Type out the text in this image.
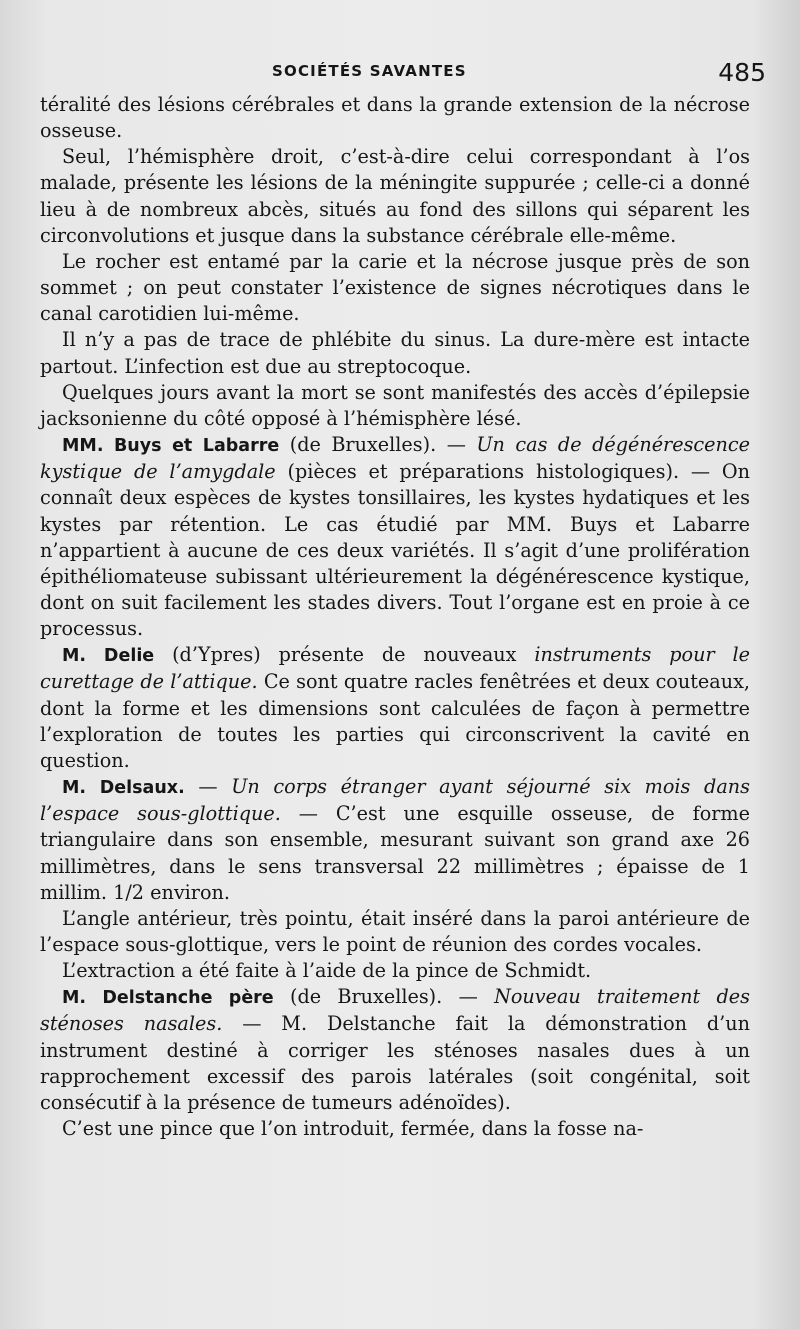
SOCIÉTÉS SAVANTES	485

téralité des lésions cérébrales et dans la grande extension de la nécrose osseuse.

Seul, l’hémisphère droit, c’est-à-dire celui correspondant à l’os malade, présente les lésions de la méningite suppurée ; celle-ci a donné lieu à de nombreux abcès, situés au fond des sillons qui séparent les circonvolutions et jusque dans la substance cérébrale elle-même.

Le rocher est entamé par la carie et la nécrose jusque près de son sommet ; on peut constater l’existence de signes nécrotiques dans le canal carotidien lui-même.

Il n’y a pas de trace de phlébite du sinus. La dure-mère est intacte partout. L’infection est due au streptocoque.

Quelques jours avant la mort se sont manifestés des accès d’épilepsie jacksonienne du côté opposé à l’hémisphère lésé.

MM. Buys et Labarre (de Bruxelles). — Un cas de dégénérescence kystique de l’amygdale (pièces et préparations histologiques). — On connaît deux espèces de kystes tonsillaires, les kystes hydatiques et les kystes par rétention. Le cas étudié par MM. Buys et Labarre n’appartient à aucune de ces deux variétés. Il s’agit d’une prolifération épithéliomateuse subissant ultérieurement la dégénérescence kystique, dont on suit facilement les stades divers. Tout l’organe est en proie à ce processus.

M. Delie (d’Ypres) présente de nouveaux instruments pour le curettage de l’attique. Ce sont quatre racles fenêtrées et deux couteaux, dont la forme et les dimensions sont calculées de façon à permettre l’exploration de toutes les parties qui circonscrivent la cavité en question.

M. Delsaux. — Un corps étranger ayant séjourné six mois dans l’espace sous-glottique. — C’est une esquille osseuse, de forme triangulaire dans son ensemble, mesurant suivant son grand axe 26 millimètres, dans le sens transversal 22 millimètres ; épaisse de 1 millim. 1/2 environ.

L’angle antérieur, très pointu, était inséré dans la paroi antérieure de l’espace sous-glottique, vers le point de réunion des cordes vocales.

L’extraction a été faite à l’aide de la pince de Schmidt.

M. Delstanche père (de Bruxelles). — Nouveau traitement des sténoses nasales. — M. Delstanche fait la démonstration d’un instrument destiné à corriger les sténoses nasales dues à un rapprochement excessif des parois latérales (soit congénital, soit consécutif à la présence de tumeurs adénoïdes).

C’est une pince que l’on introduit, fermée, dans la fosse na-
